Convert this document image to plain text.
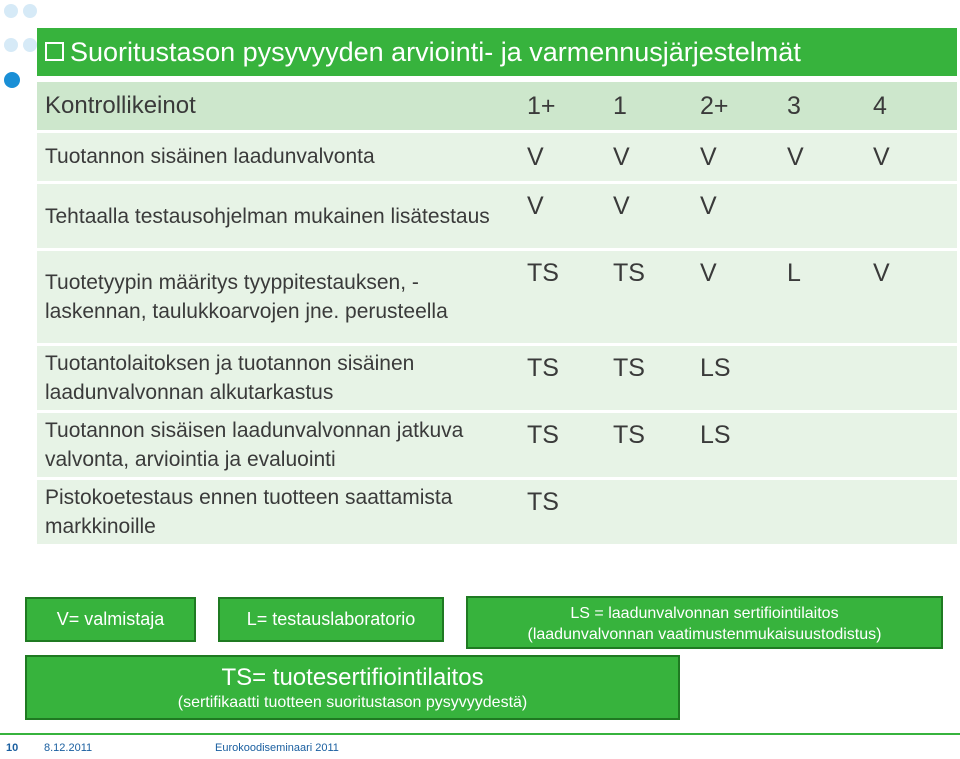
Suoritustason pysyvyyden arviointi- ja varmennusjärjestelmät
Kontrollikeinot	1+	1	2+	3	4
Tuotannon sisäinen laadunvalvonta	V	V	V	V	V
Tehtaalla testausohjelman mukainen lisätestaus	V	V	V		
Tuotetyypin määritys tyyppitestauksen, -laskennan, taulukkoarvojen jne. perusteella	TS	TS	V	L	V
Tuotantolaitoksen ja tuotannon sisäinen laadunvalvonnan alkutarkastus	TS	TS	LS		
Tuotannon sisäisen laadunvalvonnan jatkuva valvonta, arviointia ja evaluointi	TS	TS	LS		
Pistokoetestaus ennen tuotteen saattamista markkinoille	TS				
V= valmistaja	L= testauslaboratorio	LS = laadunvalvonnan sertifiointilaitos
(laadunvalvonnan vaatimustenmukaisuustodistus)
TS= tuotesertifiointilaitos
(sertifikaatti tuotteen suoritustason pysyvyydestä)
10 8.12.2011	Eurokoodiseminaari 2011
